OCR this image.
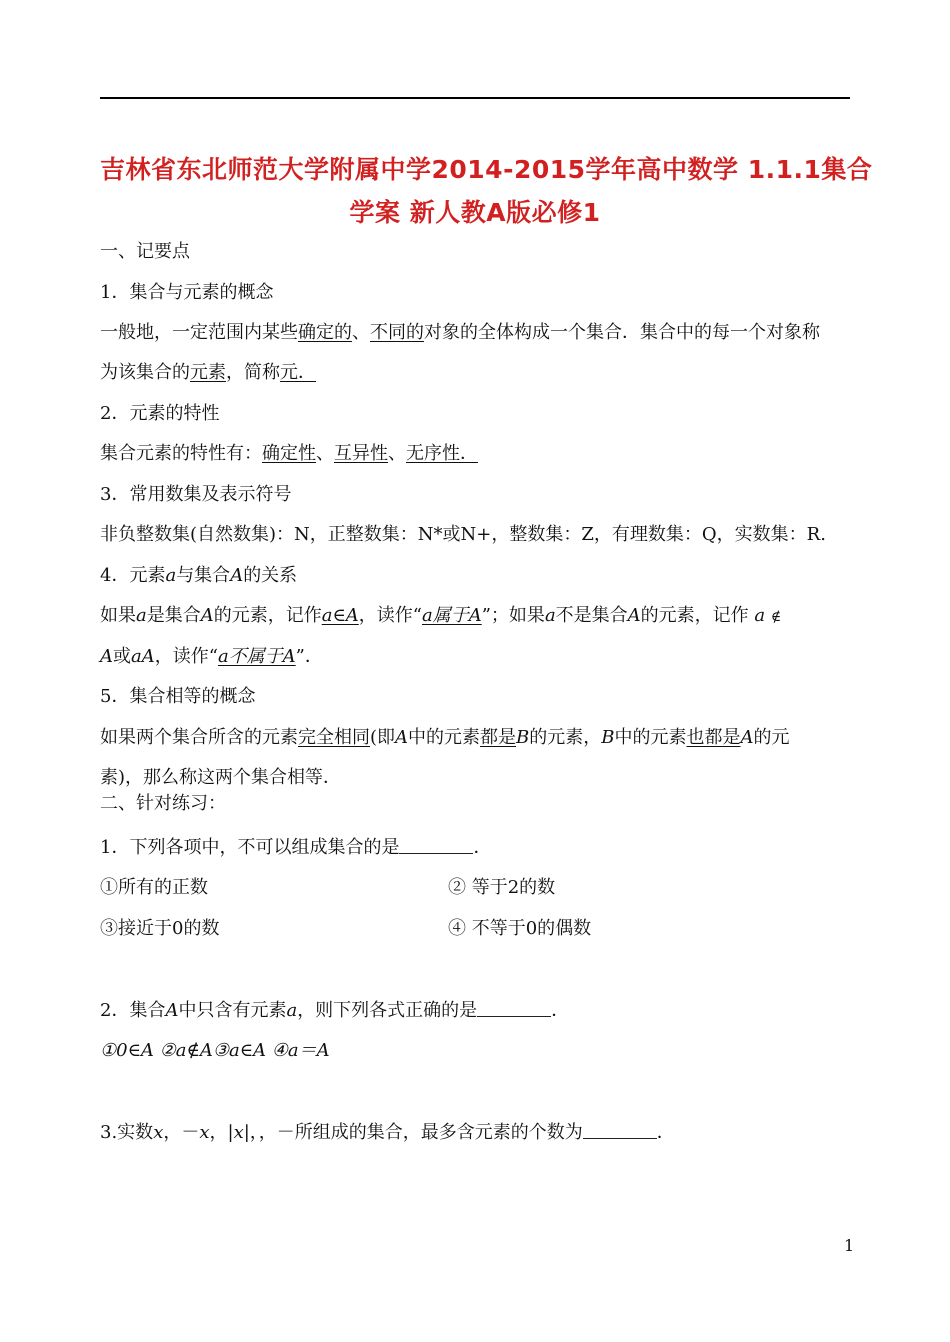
吉林省东北师范大学附属中学2014-2015学年高中数学 1.1.1集合
学案 新人教A版必修1
一、记要点
1．集合与元素的概念
一般地，一定范围内某些确定的、不同的对象的全体构成一个集合．集合中的每一个对象称
为该集合的元素，简称元．
2．元素的特性
集合元素的特性有：确定性、互异性、无序性．
3．常用数集及表示符号
非负整数集(自然数集)：N，正整数集：N*或N+，整数集：Z，有理数集：Q，实数集：R.
4．元素a与集合A的关系
如果a是集合A的元素，记作a∈A，读作“a属于A”；如果a不是集合A的元素，记作 a ∉
A或aA，读作“a不属于A”．
5．集合相等的概念
如果两个集合所含的元素完全相同(即A中的元素都是B的元素，B中的元素也都是A的元
素)，那么称这两个集合相等．
二、针对练习：
1．下列各项中，不可以组成集合的是	．
①所有的正数	② 等于2的数
③接近于0的数	④ 不等于0的偶数
2．集合A中只含有元素a，则下列各式正确的是	．
①0∈A ②a∉A③a∈A ④a＝A
3.实数x，－x，|x|，，－所组成的集合，最多含元素的个数为	．
1
